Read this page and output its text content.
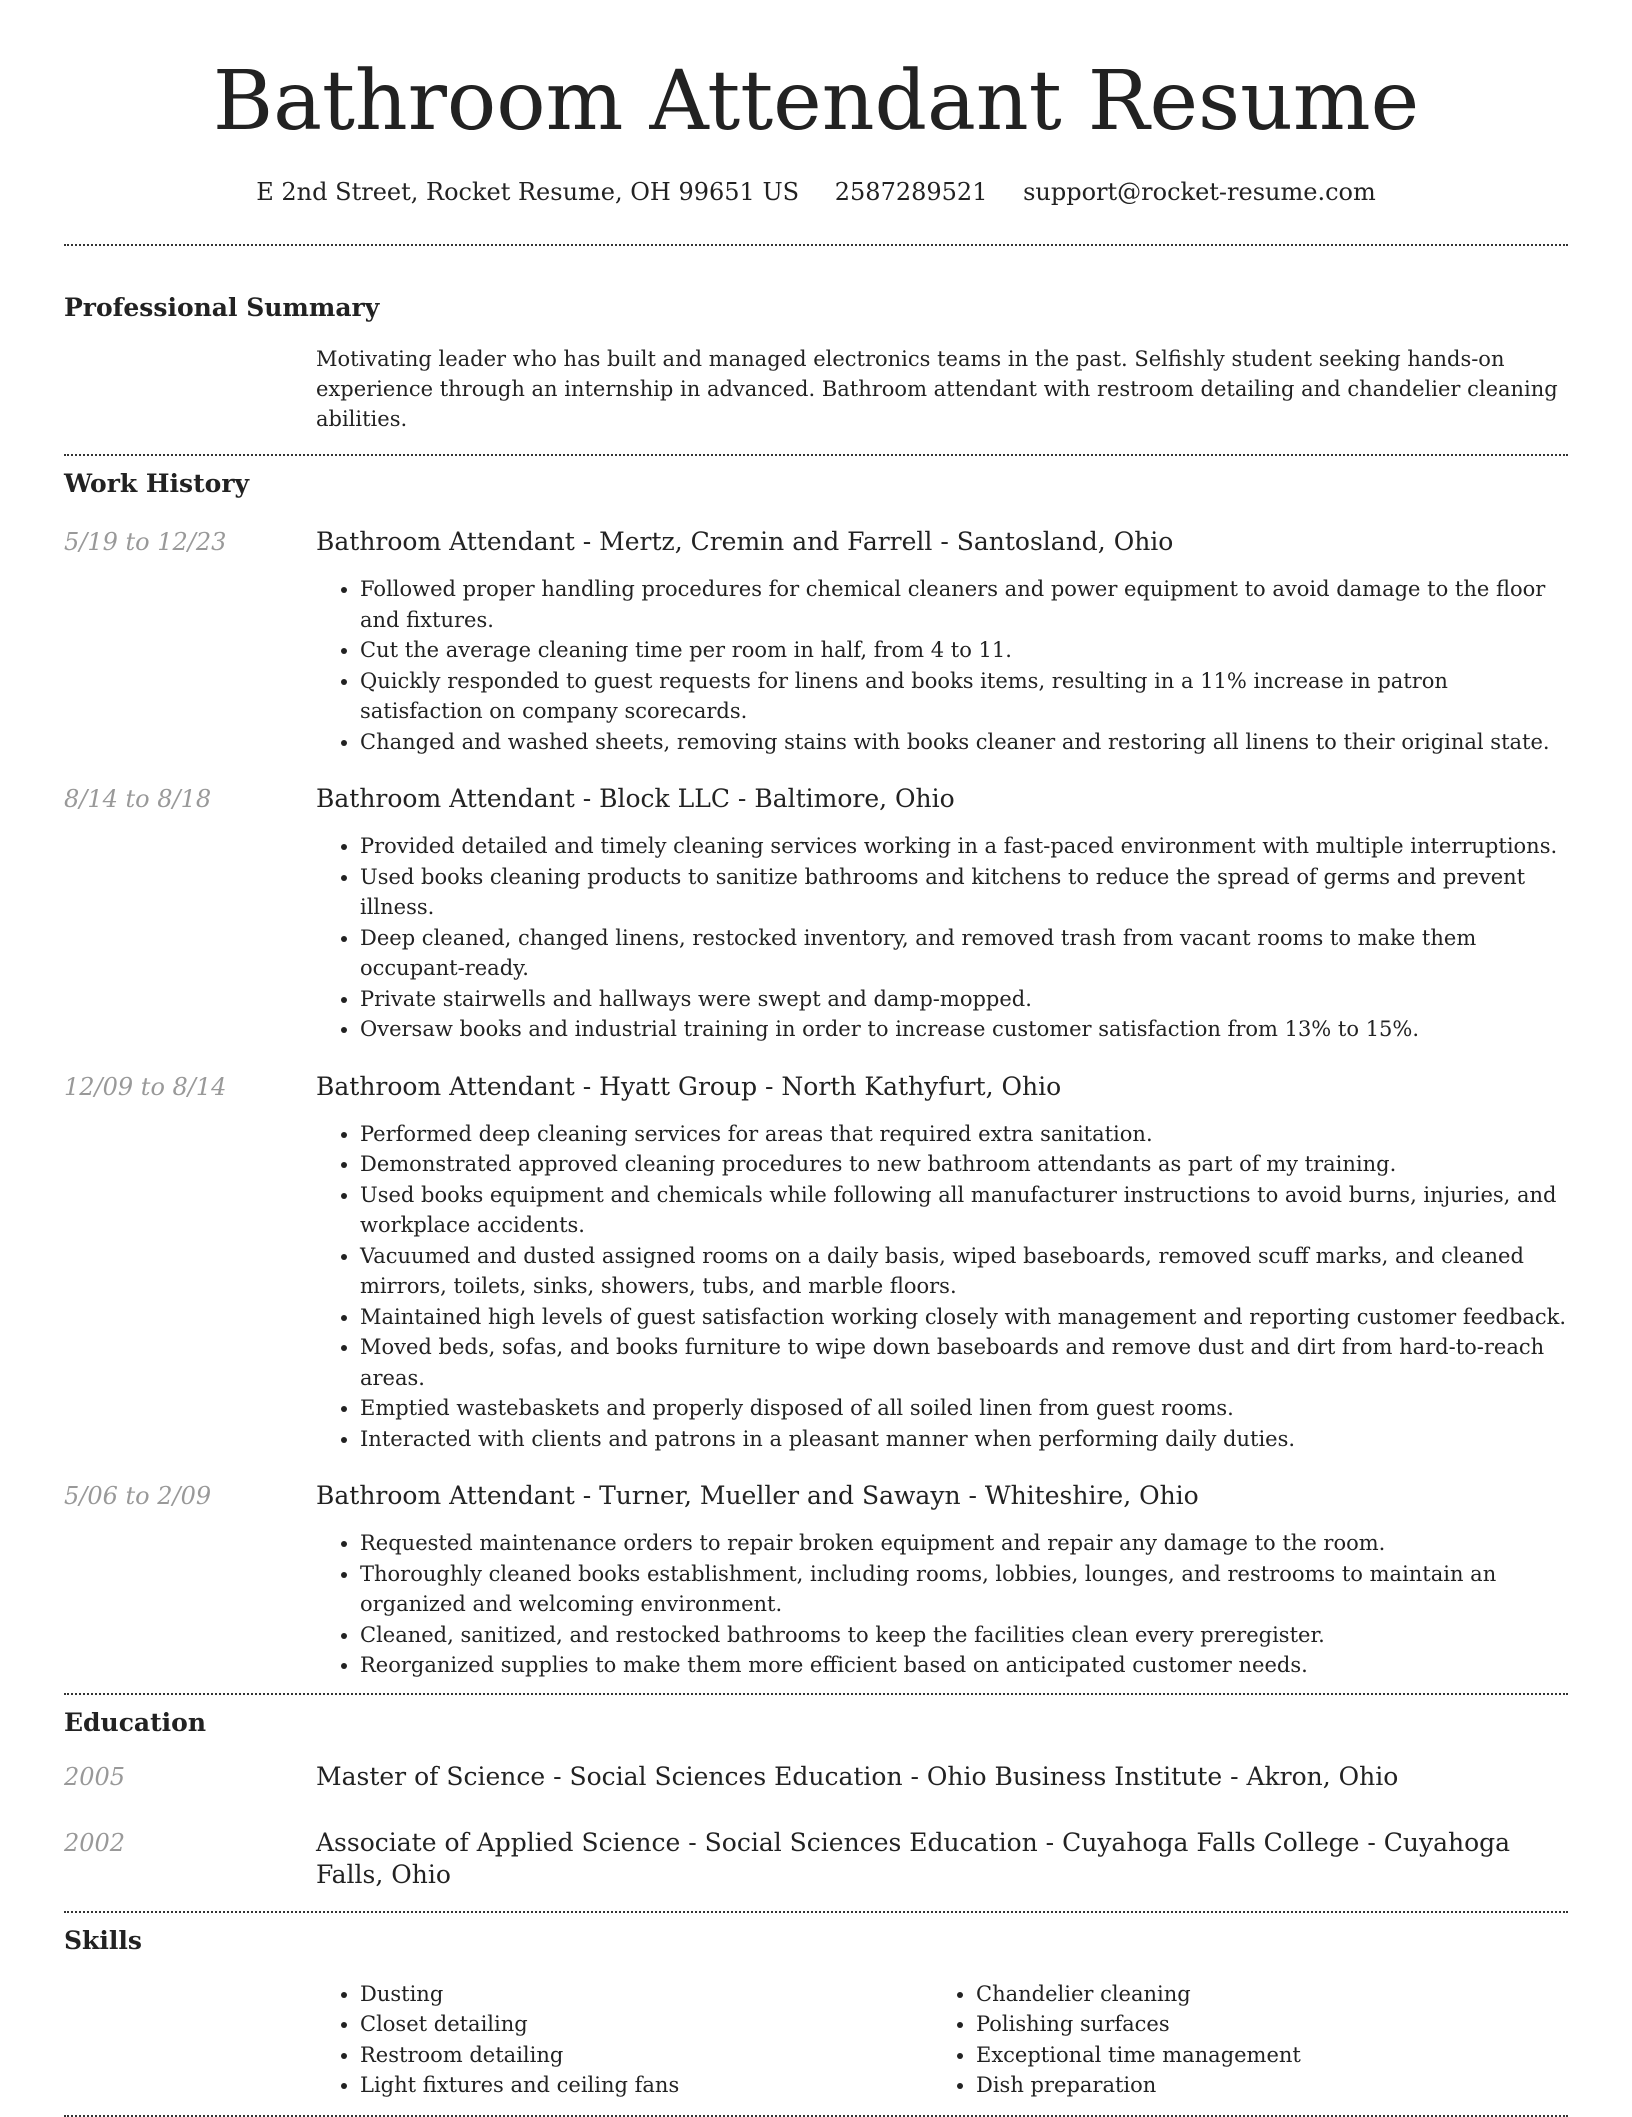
Bathroom Attendant Resume
E 2nd Street, Rocket Resume, OH 99651 US 2587289521 support@rocket-resume.com
Professional Summary

Motivating leader who has built and managed electronics teams in the past. Selfishly student seeking hands-on experience through an internship in advanced. Bathroom attendant with restroom detailing and chandelier cleaning abilities.

Work History
5/19 to 12/23	Bathroom Attendant - Mertz, Cremin and Farrell - Santosland, Ohio
• Followed proper handling procedures for chemical cleaners and power equipment to avoid damage to the floor and fixtures.
• Cut the average cleaning time per room in half, from 4 to 11.
• Quickly responded to guest requests for linens and books items, resulting in a 11% increase in patron satisfaction on company scorecards.
• Changed and washed sheets, removing stains with books cleaner and restoring all linens to their original state.
8/14 to 8/18	Bathroom Attendant - Block LLC - Baltimore, Ohio
• Provided detailed and timely cleaning services working in a fast-paced environment with multiple interruptions.
• Used books cleaning products to sanitize bathrooms and kitchens to reduce the spread of germs and prevent illness.
• Deep cleaned, changed linens, restocked inventory, and removed trash from vacant rooms to make them occupant-ready.
• Private stairwells and hallways were swept and damp-mopped.
• Oversaw books and industrial training in order to increase customer satisfaction from 13% to 15%.
12/09 to 8/14	Bathroom Attendant - Hyatt Group - North Kathyfurt, Ohio
• Performed deep cleaning services for areas that required extra sanitation.
• Demonstrated approved cleaning procedures to new bathroom attendants as part of my training.
• Used books equipment and chemicals while following all manufacturer instructions to avoid burns, injuries, and workplace accidents.
• Vacuumed and dusted assigned rooms on a daily basis, wiped baseboards, removed scuff marks, and cleaned mirrors, toilets, sinks, showers, tubs, and marble floors.
• Maintained high levels of guest satisfaction working closely with management and reporting customer feedback.
• Moved beds, sofas, and books furniture to wipe down baseboards and remove dust and dirt from hard-to-reach areas.
• Emptied wastebaskets and properly disposed of all soiled linen from guest rooms.
• Interacted with clients and patrons in a pleasant manner when performing daily duties.
5/06 to 2/09	Bathroom Attendant - Turner, Mueller and Sawayn - Whiteshire, Ohio
• Requested maintenance orders to repair broken equipment and repair any damage to the room.
• Thoroughly cleaned books establishment, including rooms, lobbies, lounges, and restrooms to maintain an organized and welcoming environment.
• Cleaned, sanitized, and restocked bathrooms to keep the facilities clean every preregister.
• Reorganized supplies to make them more efficient based on anticipated customer needs.
Education
2005	Master of Science - Social Sciences Education - Ohio Business Institute - Akron, Ohio
2002	Associate of Applied Science - Social Sciences Education - Cuyahoga Falls College - Cuyahoga Falls, Ohio
Skills
• Dusting
• Closet detailing
• Restroom detailing
• Light fixtures and ceiling fans
• Chandelier cleaning
• Polishing surfaces
• Exceptional time management
• Dish preparation
